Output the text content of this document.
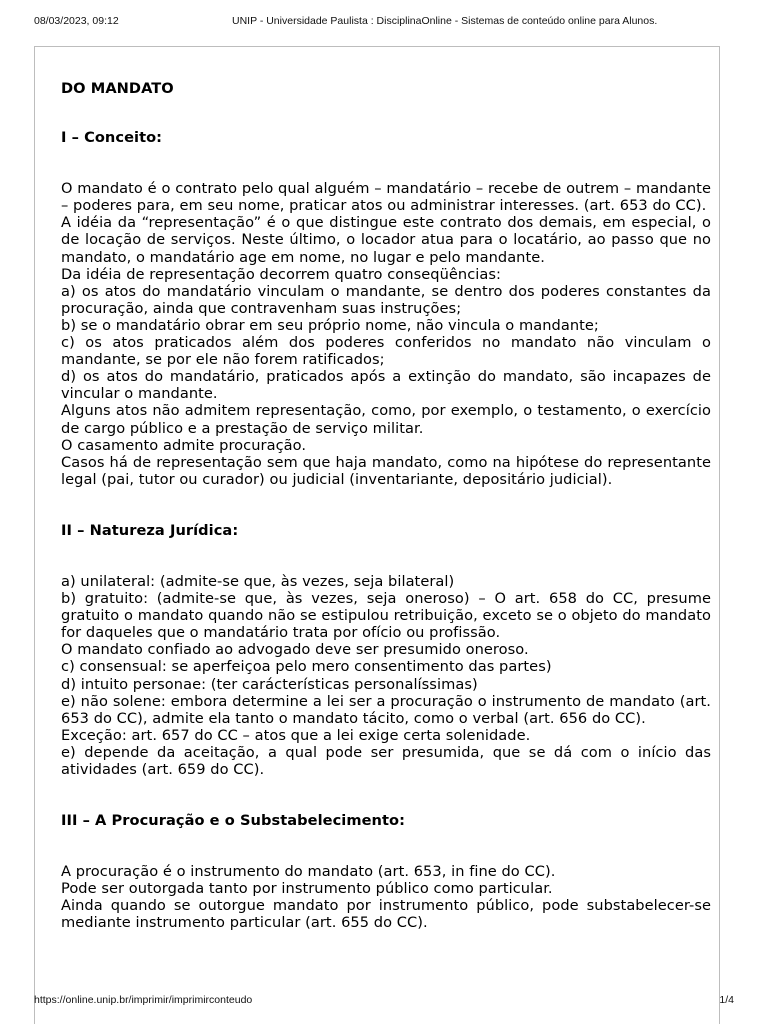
08/03/2023, 09:12	UNIP - Universidade Paulista : DisciplinaOnline - Sistemas de conteúdo online para Alunos.
DO MANDATO
I – Conceito:

O mandato é o contrato pelo qual alguém – mandatário – recebe de outrem – mandante – poderes para, em seu nome, praticar atos ou administrar interesses. (art. 653 do CC).

A idéia da “representação” é o que distingue este contrato dos demais, em especial, o de locação de serviços. Neste último, o locador atua para o locatário, ao passo que no mandato, o mandatário age em nome, no lugar e pelo mandante.

Da idéia de representação decorrem quatro conseqüências:

a) os atos do mandatário vinculam o mandante, se dentro dos poderes constantes da procuração, ainda que contravenham suas instruções;

b) se o mandatário obrar em seu próprio nome, não vincula o mandante;

c) os atos praticados além dos poderes conferidos no mandato não vinculam o mandante, se por ele não forem ratificados;

d) os atos do mandatário, praticados após a extinção do mandato, são incapazes de vincular o mandante.

Alguns atos não admitem representação, como, por exemplo, o testamento, o exercício de cargo público e a prestação de serviço militar.

O casamento admite procuração.

Casos há de representação sem que haja mandato, como na hipótese do representante legal (pai, tutor ou curador) ou judicial (inventariante, depositário judicial).

II – Natureza Jurídica:

a) unilateral: (admite-se que, às vezes, seja bilateral)

b) gratuito: (admite-se que, às vezes, seja oneroso) – O art. 658 do CC, presume gratuito o mandato quando não se estipulou retribuição, exceto se o objeto do mandato for daqueles que o mandatário trata por ofício ou profissão.

O mandato confiado ao advogado deve ser presumido oneroso.

c) consensual: se aperfeiçoa pelo mero consentimento das partes)

d) intuito personae: (ter carácterísticas personalíssimas)

e) não solene: embora determine a lei ser a procuração o instrumento de mandato (art. 653 do CC), admite ela tanto o mandato tácito, como o verbal (art. 656 do CC).

Exceção: art. 657 do CC – atos que a lei exige certa solenidade.

e) depende da aceitação, a qual pode ser presumida, que se dá com o início das atividades (art. 659 do CC).

III – A Procuração e o Substabelecimento:

A procuração é o instrumento do mandato (art. 653, in fine do CC).

Pode ser outorgada tanto por instrumento público como particular.

Ainda quando se outorgue mandato por instrumento público, pode substabelecer-se mediante instrumento particular (art. 655 do CC).

https://online.unip.br/imprimir/imprimirconteudo	1/4
